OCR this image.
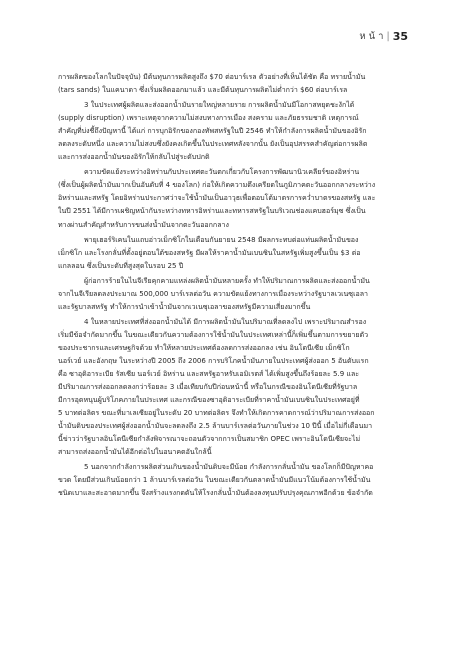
ห น้ า | 35
การผลิตของโลกในปัจจุบัน) มีต้นทุนการผลิตสูงถึง $70 ต่อบาร์เรล ตัวอย่างที่เห็นได้ชัด คือ ทรายน้ำมัน
(tars sands) ในแคนาดา ซึ่งเริ่มผลิตออกมาแล้ว และมีต้นทุนการผลิตไม่ต่ำกว่า $60 ต่อบาร์เรล
3 ในประเทศผู้ผลิตและส่งออกน้ำมันรายใหญ่หลายราย การผลิตน้ำมันมีโอกาสหยุดชะงักได้
(supply disruption) เพราะเหตุจากความไม่สงบทางการเมือง สงคราม และภัยธรรมชาติ เหตุการณ์
สำคัญที่บ่งชี้ถึงปัญหานี้ ได้แก่ การบุกอิรักของกองทัพสหรัฐในปี 2546 ทำให้กำลังการผลิตน้ำมันของอิรัก
ลดลงระดับหนึ่ง และความไม่สงบซึ่งยังคงเกิดขึ้นในประเทศหลังจากนั้น ยังเป็นอุปสรรคสำคัญต่อการผลิต
และการส่งออกน้ำมันของอิรักให้กลับไปสู่ระดับปกติ
ความขัดแย้งระหว่างอิหร่านกับประเทศตะวันตกเกี่ยวกับโครงการพัฒนานิวเคลียร์ของอิหร่าน
(ซึ่งเป็นผู้ผลิตน้ำมันมากเป็นอันดับที่ 4 ของโลก) ก่อให้เกิดความตึงเครียดในภูมิภาคตะวันออกกลางระหว่าง
อิหร่านและสหรัฐ โดยอิหร่านประกาศว่าจะใช้น้ำมันเป็นอาวุธเพื่อตอบโต้มาตรการคว่ำบาตรของสหรัฐ และ
ในปี 2551 ได้มีการเผชิญหน้ากันระหว่างทหารอิหร่านและทหารสหรัฐในบริเวณช่องแคบฮอร์มุซ ซึ่งเป็น
ทางผ่านสำคัญสำหรับการขนส่งน้ำมันจากตะวันออกกลาง
พายุเฮอร์ริเคนในแถบอ่าวเม็กซิโกในเดือนกันยายน 2548 มีผลกระทบต่อแท่นผลิตน้ำมันของ
เม็กซิโก และโรงกลั่นที่ตั้งอยู่ตอนใต้ของสหรัฐ มีผลให้ราคาน้ำมันเบนซินในสหรัฐเพิ่มสูงขึ้นเป็น $3 ต่อ
แกลลอน ซึ่งเป็นระดับที่สูงสุดในรอบ 25 ปี
ผู้ก่อการร้ายในไนจีเรียคุกคามแหล่งผลิตน้ำมันหลายครั้ง ทำให้ปริมาณการผลิตและส่งออกน้ำมัน
จากไนจีเรียลดลงประมาณ 500,000 บาร์เรลต่อวัน ความขัดแย้งทางการเมืองระหว่างรัฐบาลเวเนซุเอลา
และรัฐบาลสหรัฐ ทำให้การนำเข้าน้ำมันจากเวเนซุเอลาของสหรัฐมีความเสี่ยงมากขึ้น
4 ในหลายประเทศที่ส่งออกน้ำมันได้ มีการผลิตน้ำมันในปริมาณที่ลดลงไป เพราะปริมาณสำรอง
เริ่มมีข้อจำกัดมากขึ้น ในขณะเดียวกันความต้องการใช้น้ำมันในประเทศเหล่านี้ก็เพิ่มขึ้นตามการขยายตัว
ของประชากรและเศรษฐกิจด้วย ทำให้หลายประเทศต้องลดการส่งออกลง เช่น อินโดนีเซีย เม็กซิโก
นอร์เวย์ และอังกฤษ ในระหว่างปี 2005 ถึง 2006 การบริโภคน้ำมันภายในประเทศผู้ส่งออก 5 อันดับแรก
คือ ซาอุดิอาระเบีย รัสเซีย นอร์เวย์ อิหร่าน และสหรัฐอาหรับเอมิเรตส์ ได้เพิ่มสูงขึ้นถึงร้อยละ 5.9 และ
มีปริมาณการส่งออกลดลงกว่าร้อยละ 3 เมื่อเทียบกับปีก่อนหน้านี้ หรือในกรณีของอินโดนีเซียที่รัฐบาล
มีการอุดหนุนผู้บริโภคภายในประเทศ และกรณีของซาอุดิอาระเบียที่ราคาน้ำมันเบนซินในประเทศอยู่ที่
5 บาทต่อลิตร ขณะที่มาเลเซียอยู่ในระดับ 20 บาทต่อลิตร จึงทำให้เกิดการคาดการณ์ว่าปริมาณการส่งออก
น้ำมันดิบของประเทศผู้ส่งออกน้ำมันจะลดลงถึง 2.5 ล้านบาร์เรลต่อวันภายในช่วง 10 ปีนี้ เมื่อไม่กี่เดือนมา
นี้ข่าวว่ารัฐบาลอินโดนีเซียกำลังพิจารณาจะถอนตัวจากการเป็นสมาชิก OPEC เพราะอินโดนีเซียจะไม่
สามารถส่งออกน้ำมันได้อีกต่อไปในอนาคตอันใกล้นี้
5 นอกจากกำลังการผลิตส่วนเกินของน้ำมันดิบจะมีน้อย กำลังการกลั่นน้ำมัน ของโลกก็มีปัญหาคอ
ขวด โดยมีส่วนเกินน้อยกว่า 1 ล้านบาร์เรลต่อวัน ในขณะเดียวกันตลาดน้ำมันมีแนวโน้มต้องการใช้น้ำมัน
ชนิดเบาและสะอาดมากขึ้น จึงสร้างแรงกดดันให้โรงกลั่นน้ำมันต้องลงทุนปรับปรุงคุณภาพอีกด้วย ข้อจำกัด
